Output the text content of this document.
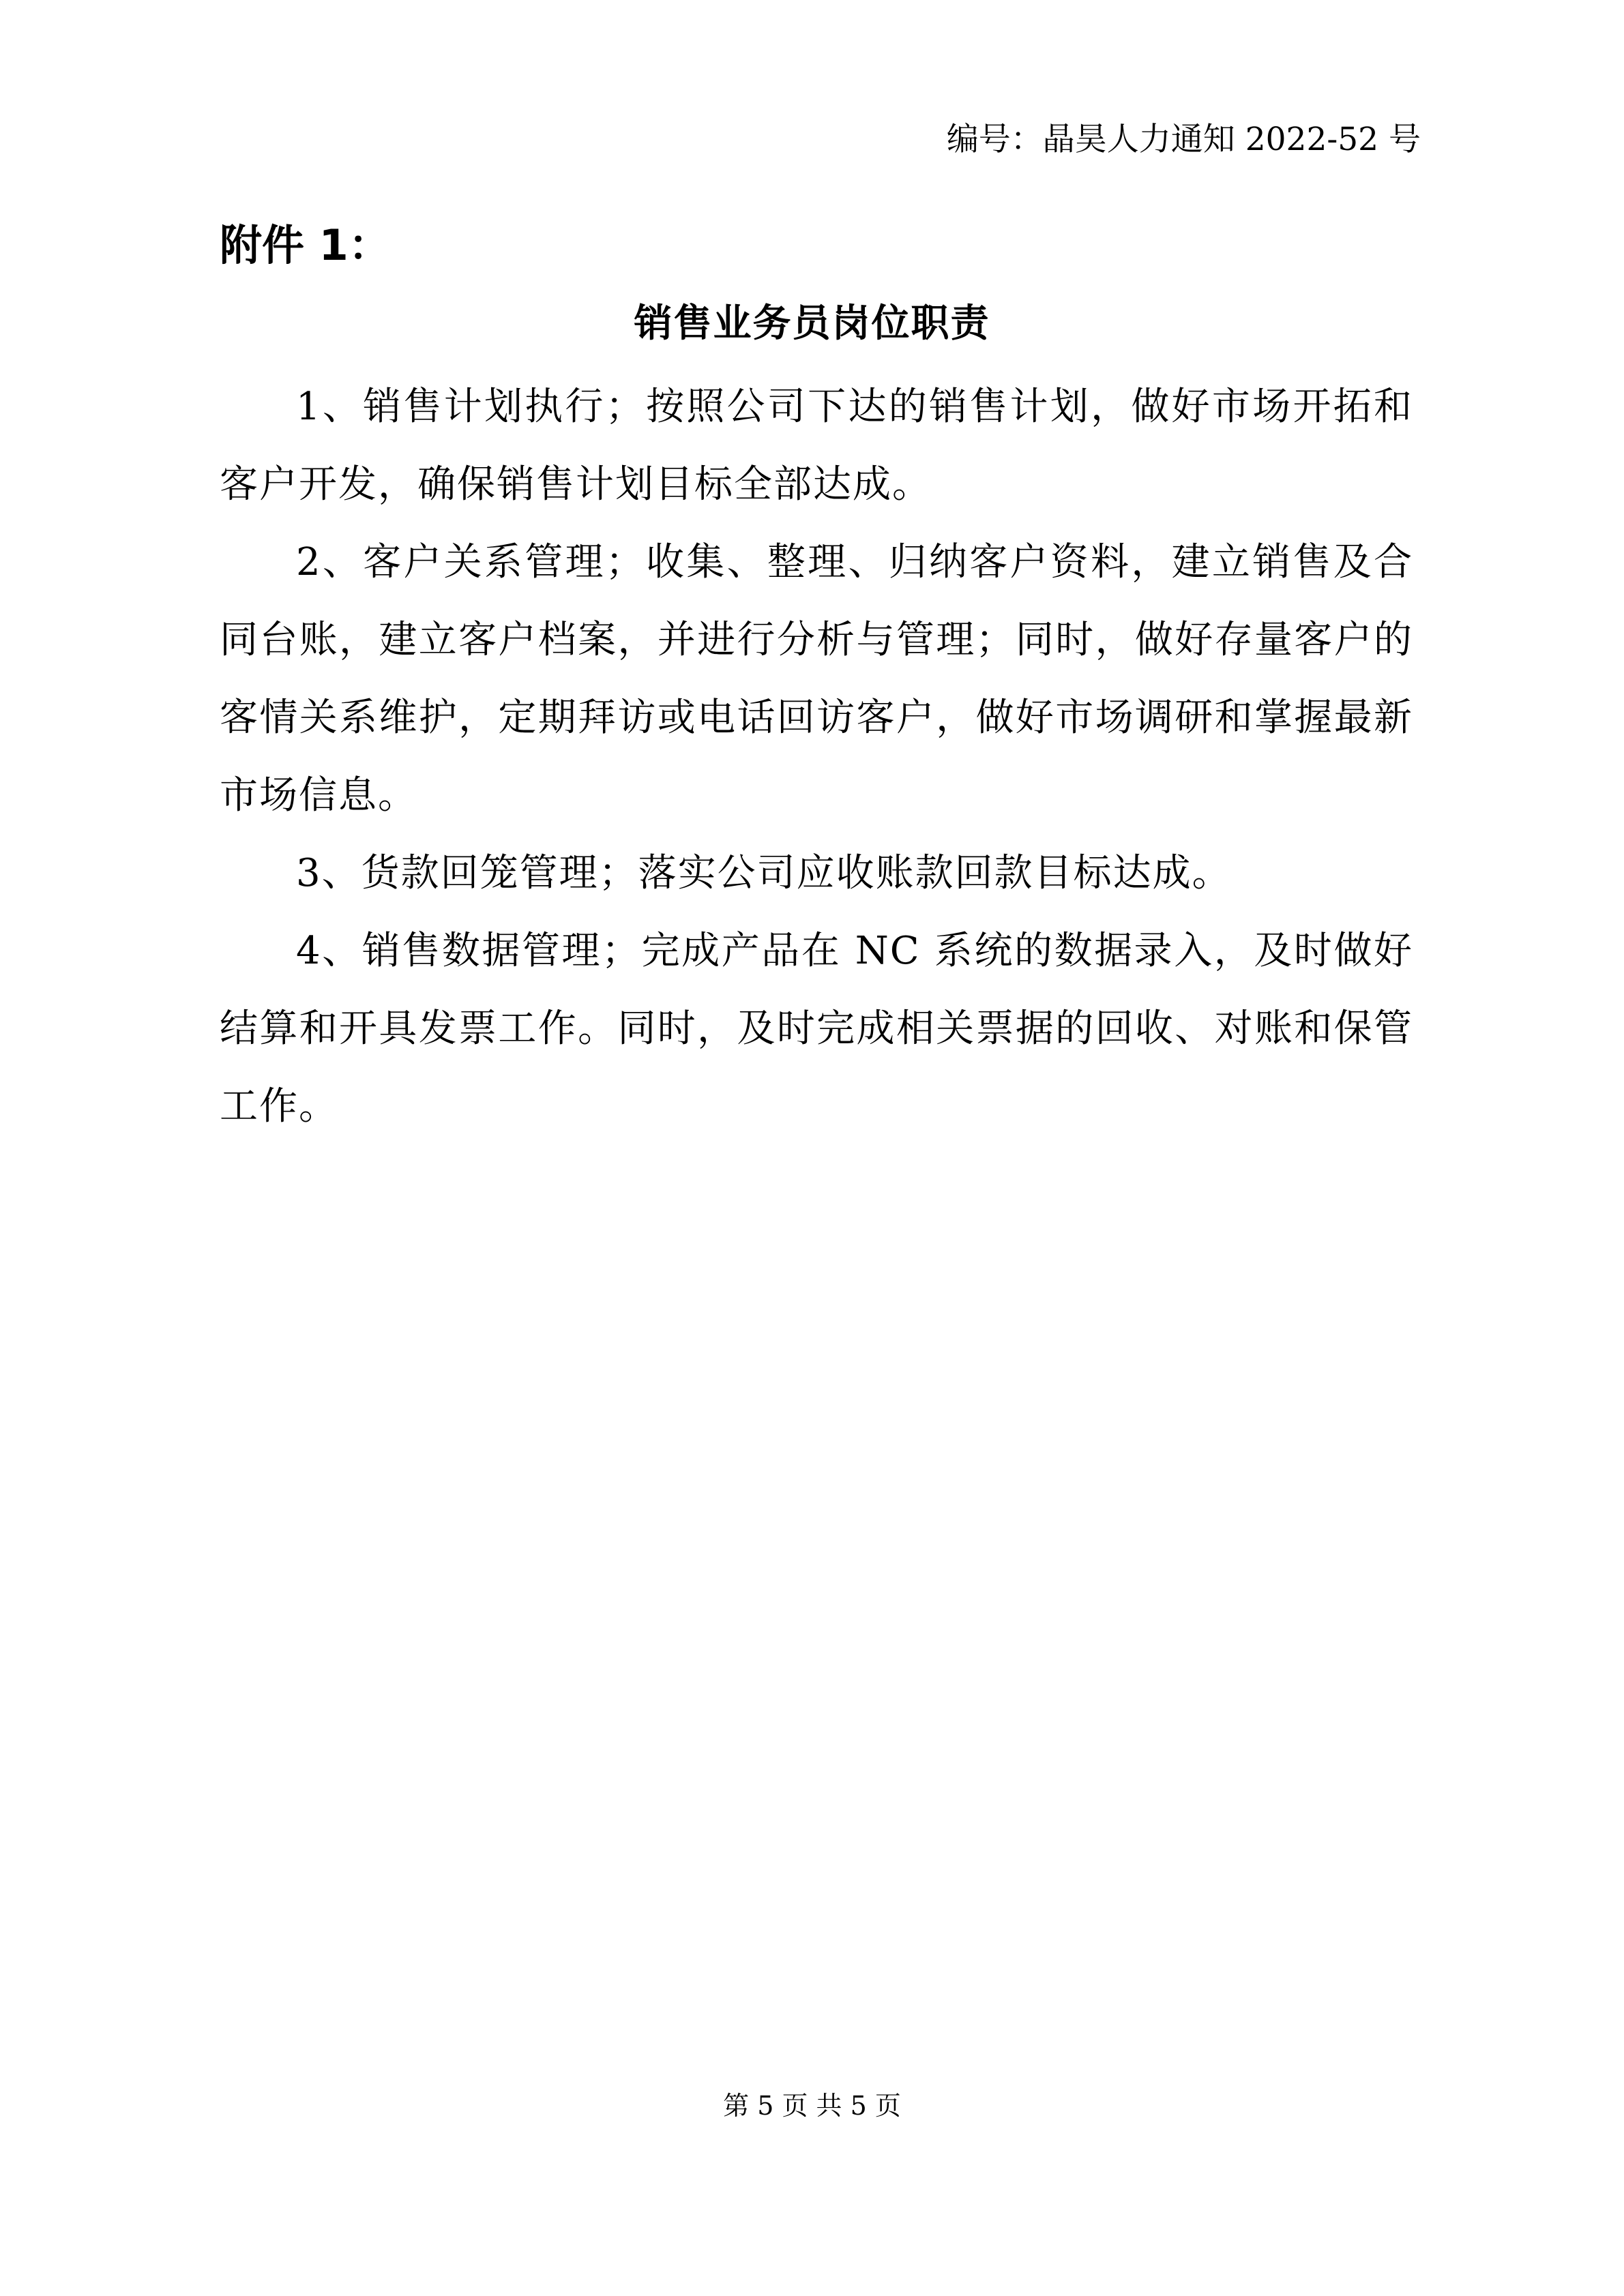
编号：晶昊人力通知 2022-52 号
附件 1：
销售业务员岗位职责

1、销售计划执行；按照公司下达的销售计划，做好市场开拓和客户开发，确保销售计划目标全部达成。

2、客户关系管理；收集、整理、归纳客户资料，建立销售及合同台账，建立客户档案，并进行分析与管理；同时，做好存量客户的客情关系维护，定期拜访或电话回访客户，做好市场调研和掌握最新市场信息。

3、货款回笼管理；落实公司应收账款回款目标达成。

4、销售数据管理；完成产品在 NC 系统的数据录入，及时做好结算和开具发票工作。同时，及时完成相关票据的回收、对账和保管工作。

第 5 页 共 5 页
